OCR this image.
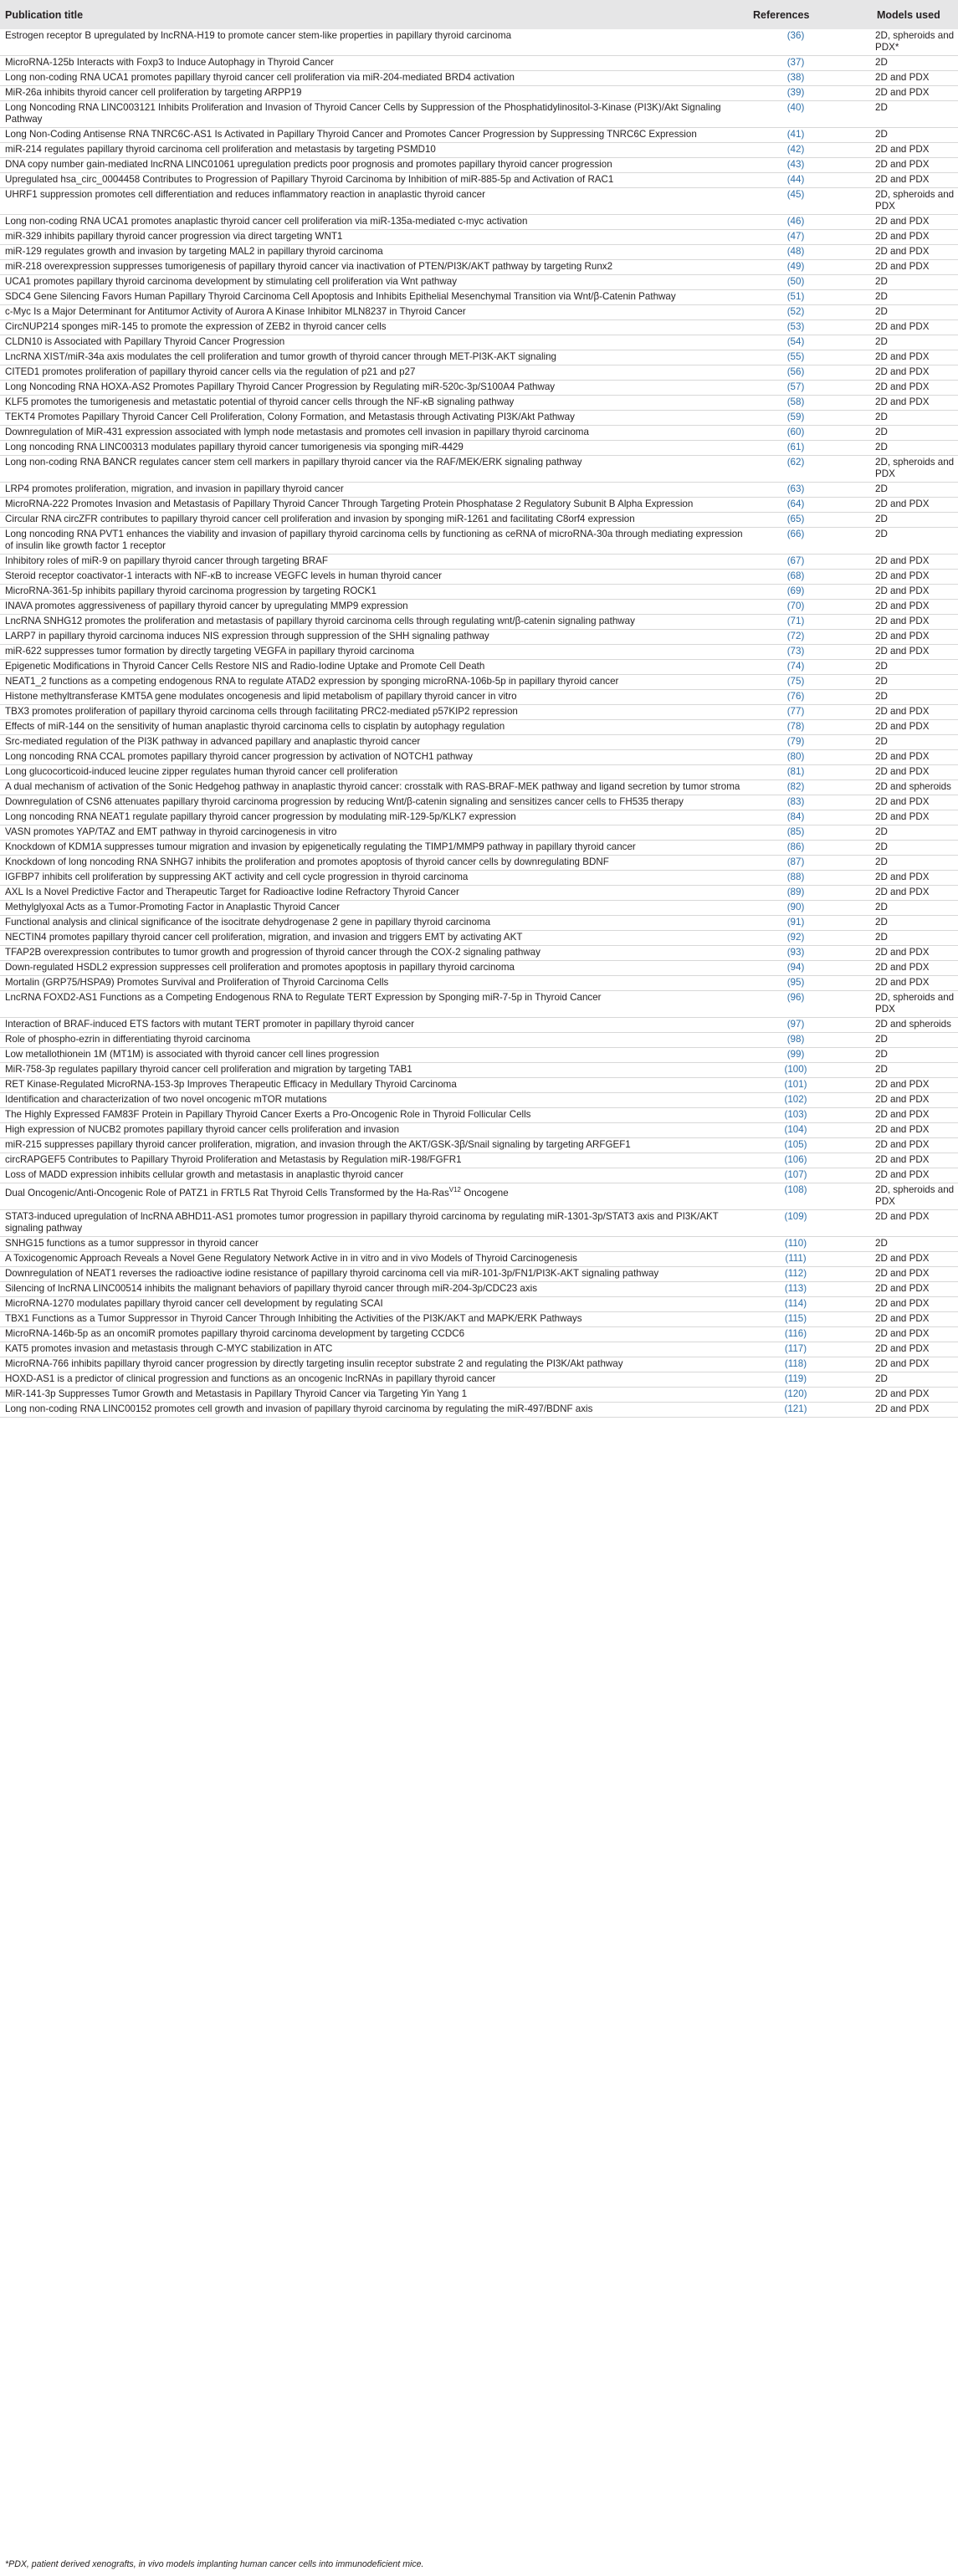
Publication title	References	Models used
Estrogen receptor B upregulated by lncRNA-H19 to promote cancer stem-like properties in papillary thyroid carcinoma	(36)	2D, spheroids and PDX*
MicroRNA-125b Interacts with Foxp3 to Induce Autophagy in Thyroid Cancer	(37)	2D
Long non-coding RNA UCA1 promotes papillary thyroid cancer cell proliferation via miR-204-mediated BRD4 activation	(38)	2D and PDX
MiR-26a inhibits thyroid cancer cell proliferation by targeting ARPP19	(39)	2D and PDX
Long Noncoding RNA LINC003121 Inhibits Proliferation and Invasion of Thyroid Cancer Cells by Suppression of the Phosphatidylinositol-3-Kinase (PI3K)/Akt Signaling Pathway	(40)	2D
Long Non-Coding Antisense RNA TNRC6C-AS1 Is Activated in Papillary Thyroid Cancer and Promotes Cancer Progression by Suppressing TNRC6C Expression	(41)	2D
miR-214 regulates papillary thyroid carcinoma cell proliferation and metastasis by targeting PSMD10	(42)	2D and PDX
DNA copy number gain-mediated lncRNA LINC01061 upregulation predicts poor prognosis and promotes papillary thyroid cancer progression	(43)	2D and PDX
Upregulated hsa_circ_0004458 Contributes to Progression of Papillary Thyroid Carcinoma by Inhibition of miR-885-5p and Activation of RAC1	(44)	2D and PDX
UHRF1 suppression promotes cell differentiation and reduces inflammatory reaction in anaplastic thyroid cancer	(45)	2D, spheroids and PDX
Long non-coding RNA UCA1 promotes anaplastic thyroid cancer cell proliferation via miR-135a-mediated c-myc activation	(46)	2D and PDX
miR-329 inhibits papillary thyroid cancer progression via direct targeting WNT1	(47)	2D and PDX
miR-129 regulates growth and invasion by targeting MAL2 in papillary thyroid carcinoma	(48)	2D and PDX
miR-218 overexpression suppresses tumorigenesis of papillary thyroid cancer via inactivation of PTEN/PI3K/AKT pathway by targeting Runx2	(49)	2D and PDX
UCA1 promotes papillary thyroid carcinoma development by stimulating cell proliferation via Wnt pathway	(50)	2D
SDC4 Gene Silencing Favors Human Papillary Thyroid Carcinoma Cell Apoptosis and Inhibits Epithelial Mesenchymal Transition via Wnt/β-Catenin Pathway	(51)	2D
c-Myc Is a Major Determinant for Antitumor Activity of Aurora A Kinase Inhibitor MLN8237 in Thyroid Cancer	(52)	2D
CircNUP214 sponges miR-145 to promote the expression of ZEB2 in thyroid cancer cells	(53)	2D and PDX
CLDN10 is Associated with Papillary Thyroid Cancer Progression	(54)	2D
LncRNA XIST/miR-34a axis modulates the cell proliferation and tumor growth of thyroid cancer through MET-PI3K-AKT signaling	(55)	2D and PDX
CITED1 promotes proliferation of papillary thyroid cancer cells via the regulation of p21 and p27	(56)	2D and PDX
Long Noncoding RNA HOXA-AS2 Promotes Papillary Thyroid Cancer Progression by Regulating miR-520c-3p/S100A4 Pathway	(57)	2D and PDX
KLF5 promotes the tumorigenesis and metastatic potential of thyroid cancer cells through the NF-κB signaling pathway	(58)	2D and PDX
TEKT4 Promotes Papillary Thyroid Cancer Cell Proliferation, Colony Formation, and Metastasis through Activating PI3K/Akt Pathway	(59)	2D
Downregulation of MiR-431 expression associated with lymph node metastasis and promotes cell invasion in papillary thyroid carcinoma	(60)	2D
Long noncoding RNA LINC00313 modulates papillary thyroid cancer tumorigenesis via sponging miR-4429	(61)	2D
Long non-coding RNA BANCR regulates cancer stem cell markers in papillary thyroid cancer via the RAF/MEK/ERK signaling pathway	(62)	2D, spheroids and PDX
LRP4 promotes proliferation, migration, and invasion in papillary thyroid cancer	(63)	2D
MicroRNA-222 Promotes Invasion and Metastasis of Papillary Thyroid Cancer Through Targeting Protein Phosphatase 2 Regulatory Subunit B Alpha Expression	(64)	2D and PDX
Circular RNA circZFR contributes to papillary thyroid cancer cell proliferation and invasion by sponging miR-1261 and facilitating C8orf4 expression	(65)	2D
Long noncoding RNA PVT1 enhances the viability and invasion of papillary thyroid carcinoma cells by functioning as ceRNA of microRNA-30a through mediating expression of insulin like growth factor 1 receptor	(66)	2D
Inhibitory roles of miR-9 on papillary thyroid cancer through targeting BRAF	(67)	2D and PDX
Steroid receptor coactivator-1 interacts with NF-κB to increase VEGFC levels in human thyroid cancer	(68)	2D and PDX
MicroRNA-361-5p inhibits papillary thyroid carcinoma progression by targeting ROCK1	(69)	2D and PDX
INAVA promotes aggressiveness of papillary thyroid cancer by upregulating MMP9 expression	(70)	2D and PDX
LncRNA SNHG12 promotes the proliferation and metastasis of papillary thyroid carcinoma cells through regulating wnt/β-catenin signaling pathway	(71)	2D and PDX
LARP7 in papillary thyroid carcinoma induces NIS expression through suppression of the SHH signaling pathway	(72)	2D and PDX
miR-622 suppresses tumor formation by directly targeting VEGFA in papillary thyroid carcinoma	(73)	2D and PDX
Epigenetic Modifications in Thyroid Cancer Cells Restore NIS and Radio-Iodine Uptake and Promote Cell Death	(74)	2D
NEAT1_2 functions as a competing endogenous RNA to regulate ATAD2 expression by sponging microRNA-106b-5p in papillary thyroid cancer	(75)	2D
Histone methyltransferase KMT5A gene modulates oncogenesis and lipid metabolism of papillary thyroid cancer in vitro	(76)	2D
TBX3 promotes proliferation of papillary thyroid carcinoma cells through facilitating PRC2-mediated p57KIP2 repression	(77)	2D and PDX
Effects of miR-144 on the sensitivity of human anaplastic thyroid carcinoma cells to cisplatin by autophagy regulation	(78)	2D and PDX
Src-mediated regulation of the PI3K pathway in advanced papillary and anaplastic thyroid cancer	(79)	2D
Long noncoding RNA CCAL promotes papillary thyroid cancer progression by activation of NOTCH1 pathway	(80)	2D and PDX
Long glucocorticoid-induced leucine zipper regulates human thyroid cancer cell proliferation	(81)	2D and PDX
A dual mechanism of activation of the Sonic Hedgehog pathway in anaplastic thyroid cancer: crosstalk with RAS-BRAF-MEK pathway and ligand secretion by tumor stroma	(82)	2D and spheroids
Downregulation of CSN6 attenuates papillary thyroid carcinoma progression by reducing Wnt/β-catenin signaling and sensitizes cancer cells to FH535 therapy	(83)	2D and PDX
Long noncoding RNA NEAT1 regulate papillary thyroid cancer progression by modulating miR-129-5p/KLK7 expression	(84)	2D and PDX
VASN promotes YAP/TAZ and EMT pathway in thyroid carcinogenesis in vitro	(85)	2D
Knockdown of KDM1A suppresses tumour migration and invasion by epigenetically regulating the TIMP1/MMP9 pathway in papillary thyroid cancer	(86)	2D
Knockdown of long noncoding RNA SNHG7 inhibits the proliferation and promotes apoptosis of thyroid cancer cells by downregulating BDNF	(87)	2D
IGFBP7 inhibits cell proliferation by suppressing AKT activity and cell cycle progression in thyroid carcinoma	(88)	2D and PDX
AXL Is a Novel Predictive Factor and Therapeutic Target for Radioactive Iodine Refractory Thyroid Cancer	(89)	2D and PDX
Methylglyoxal Acts as a Tumor-Promoting Factor in Anaplastic Thyroid Cancer	(90)	2D
Functional analysis and clinical significance of the isocitrate dehydrogenase 2 gene in papillary thyroid carcinoma	(91)	2D
NECTIN4 promotes papillary thyroid cancer cell proliferation, migration, and invasion and triggers EMT by activating AKT	(92)	2D
TFAP2B overexpression contributes to tumor growth and progression of thyroid cancer through the COX-2 signaling pathway	(93)	2D and PDX
Down-regulated HSDL2 expression suppresses cell proliferation and promotes apoptosis in papillary thyroid carcinoma	(94)	2D and PDX
Mortalin (GRP75/HSPA9) Promotes Survival and Proliferation of Thyroid Carcinoma Cells	(95)	2D and PDX
LncRNA FOXD2-AS1 Functions as a Competing Endogenous RNA to Regulate TERT Expression by Sponging miR-7-5p in Thyroid Cancer	(96)	2D, spheroids and PDX
Interaction of BRAF-induced ETS factors with mutant TERT promoter in papillary thyroid cancer	(97)	2D and spheroids
Role of phospho-ezrin in differentiating thyroid carcinoma	(98)	2D
Low metallothionein 1M (MT1M) is associated with thyroid cancer cell lines progression	(99)	2D
MiR-758-3p regulates papillary thyroid cancer cell proliferation and migration by targeting TAB1	(100)	2D
RET Kinase-Regulated MicroRNA-153-3p Improves Therapeutic Efficacy in Medullary Thyroid Carcinoma	(101)	2D and PDX
Identification and characterization of two novel oncogenic mTOR mutations	(102)	2D and PDX
The Highly Expressed FAM83F Protein in Papillary Thyroid Cancer Exerts a Pro-Oncogenic Role in Thyroid Follicular Cells	(103)	2D and PDX
High expression of NUCB2 promotes papillary thyroid cancer cells proliferation and invasion	(104)	2D and PDX
miR-215 suppresses papillary thyroid cancer proliferation, migration, and invasion through the AKT/GSK-3β/Snail signaling by targeting ARFGEF1	(105)	2D and PDX
circRAPGEF5 Contributes to Papillary Thyroid Proliferation and Metastasis by Regulation miR-198/FGFR1	(106)	2D and PDX
Loss of MADD expression inhibits cellular growth and metastasis in anaplastic thyroid cancer	(107)	2D and PDX
Dual Oncogenic/Anti-Oncogenic Role of PATZ1 in FRTL5 Rat Thyroid Cells Transformed by the Ha-Ras$^{V12}$ Oncogene	(108)	2D, spheroids and PDX
STAT3-induced upregulation of lncRNA ABHD11-AS1 promotes tumor progression in papillary thyroid carcinoma by regulating miR-1301-3p/STAT3 axis and PI3K/AKT signaling pathway	(109)	2D and PDX
SNHG15 functions as a tumor suppressor in thyroid cancer	(110)	2D
A Toxicogenomic Approach Reveals a Novel Gene Regulatory Network Active in in vitro and in vivo Models of Thyroid Carcinogenesis	(111)	2D and PDX
Downregulation of NEAT1 reverses the radioactive iodine resistance of papillary thyroid carcinoma cell via miR-101-3p/FN1/PI3K-AKT signaling pathway	(112)	2D and PDX
Silencing of lncRNA LINC00514 inhibits the malignant behaviors of papillary thyroid cancer through miR-204-3p/CDC23 axis	(113)	2D and PDX
MicroRNA-1270 modulates papillary thyroid cancer cell development by regulating SCAI	(114)	2D and PDX
TBX1 Functions as a Tumor Suppressor in Thyroid Cancer Through Inhibiting the Activities of the PI3K/AKT and MAPK/ERK Pathways	(115)	2D and PDX
MicroRNA-146b-5p as an oncomiR promotes papillary thyroid carcinoma development by targeting CCDC6	(116)	2D and PDX
KAT5 promotes invasion and metastasis through C-MYC stabilization in ATC	(117)	2D and PDX
MicroRNA-766 inhibits papillary thyroid cancer progression by directly targeting insulin receptor substrate 2 and regulating the PI3K/Akt pathway	(118)	2D and PDX
HOXD-AS1 is a predictor of clinical progression and functions as an oncogenic lncRNAs in papillary thyroid cancer	(119)	2D
MiR-141-3p Suppresses Tumor Growth and Metastasis in Papillary Thyroid Cancer via Targeting Yin Yang 1	(120)	2D and PDX
Long non-coding RNA LINC00152 promotes cell growth and invasion of papillary thyroid carcinoma by regulating the miR-497/BDNF axis	(121)	2D and PDX
*PDX, patient derived xenografts, in vivo models implanting human cancer cells into immunodeficient mice.
